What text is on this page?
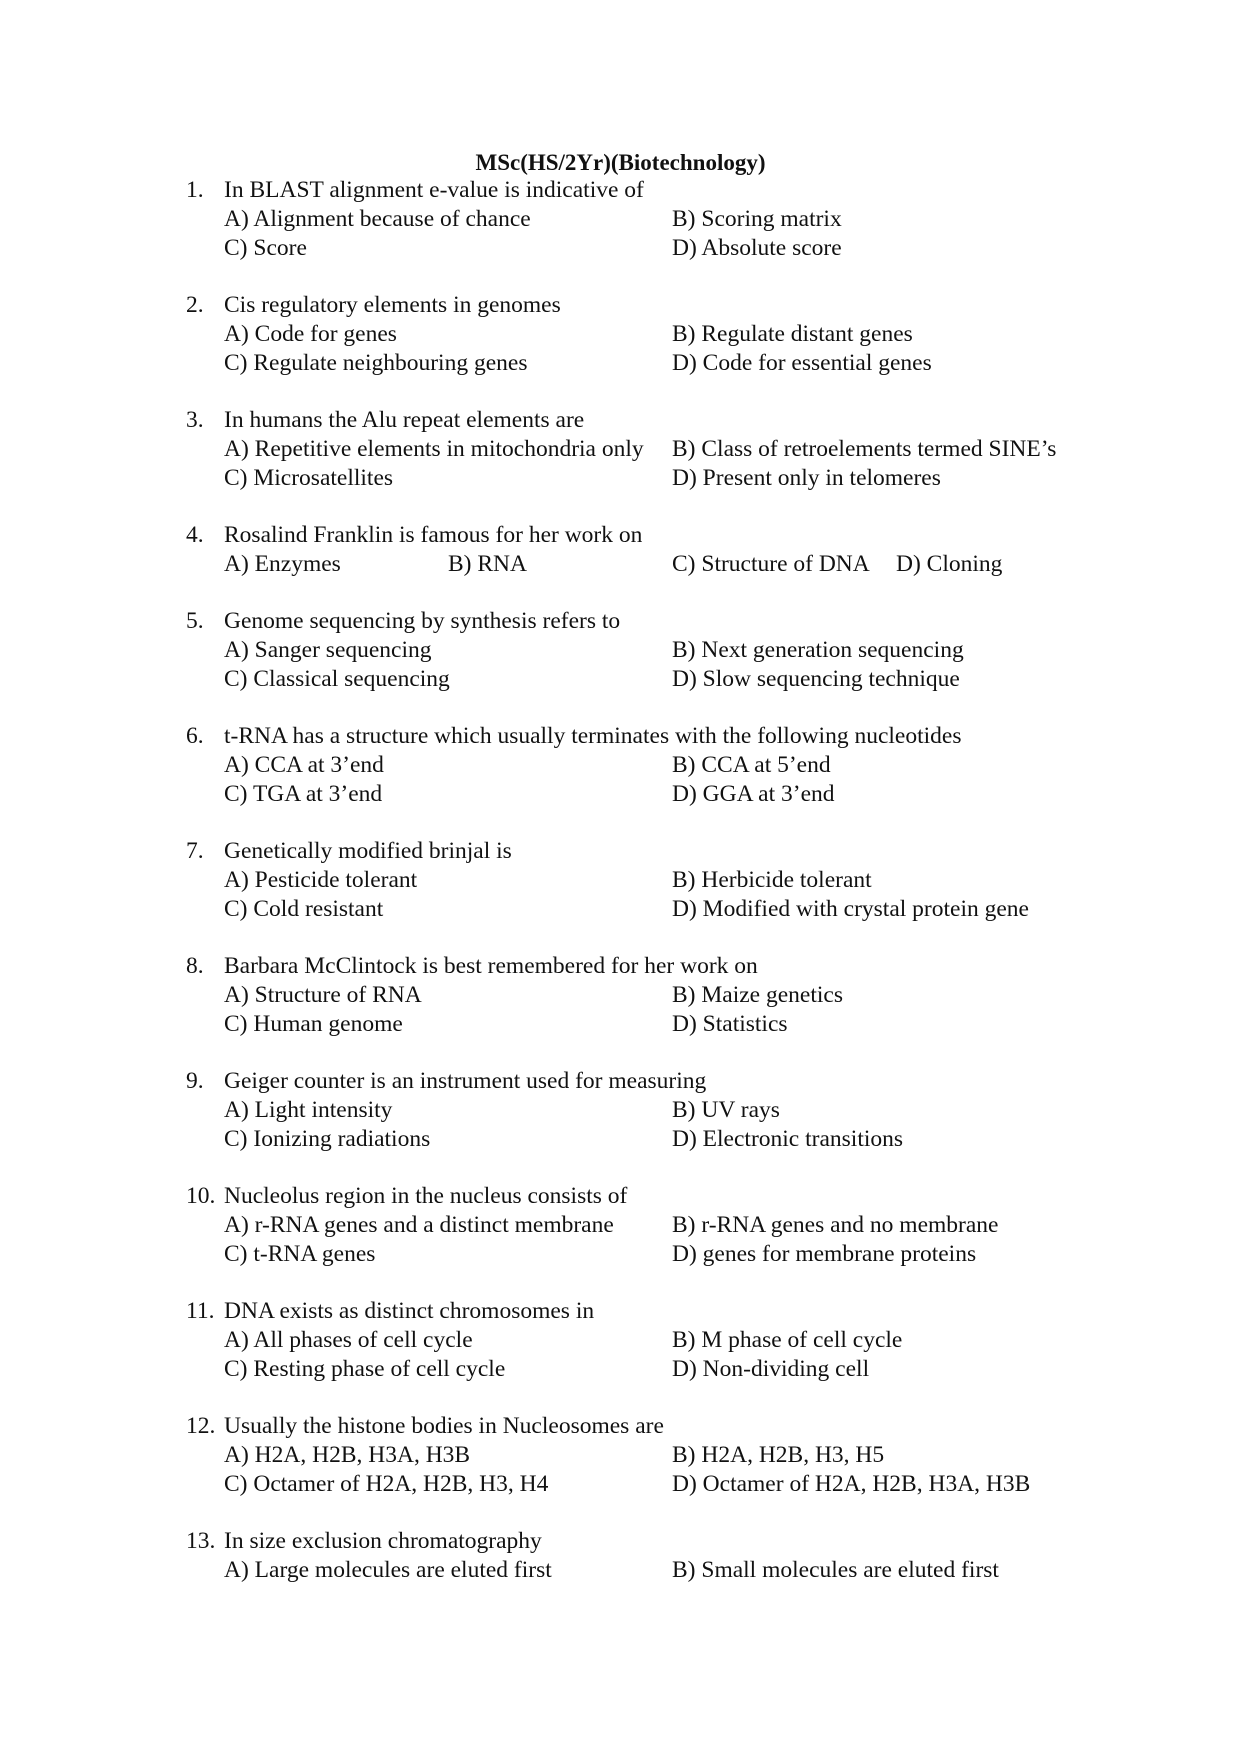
MSc(HS/2Yr)(Biotechnology)
1. In BLAST alignment e-value is indicative of
A) Alignment because of chance	B) Scoring matrix
C) Score	D) Absolute score
2. Cis regulatory elements in genomes
A) Code for genes	B) Regulate distant genes
C) Regulate neighbouring genes	D) Code for essential genes
3. In humans the Alu repeat elements are
A) Repetitive elements in mitochondria only	B) Class of retroelements termed SINE’s
C) Microsatellites	D) Present only in telomeres
4. Rosalind Franklin is famous for her work on
A) Enzymes	B) RNA	C) Structure of DNA	D) Cloning
5. Genome sequencing by synthesis refers to
A) Sanger sequencing	B) Next generation sequencing
C) Classical sequencing	D) Slow sequencing technique
6. t-RNA has a structure which usually terminates with the following nucleotides
A) CCA at 3’end	B) CCA at 5’end
C) TGA at 3’end	D) GGA at 3’end
7. Genetically modified brinjal is
A) Pesticide tolerant	B) Herbicide tolerant
C) Cold resistant	D) Modified with crystal protein gene
8. Barbara McClintock is best remembered for her work on
A) Structure of RNA	B) Maize genetics
C) Human genome	D) Statistics
9. Geiger counter is an instrument used for measuring
A) Light intensity	B) UV rays
C) Ionizing radiations	D) Electronic transitions
10. Nucleolus region in the nucleus consists of
A) r-RNA genes and a distinct membrane	B) r-RNA genes and no membrane
C) t-RNA genes	D) genes for membrane proteins
11. DNA exists as distinct chromosomes in
A) All phases of cell cycle	B) M phase of cell cycle
C) Resting phase of cell cycle	D) Non-dividing cell
12. Usually the histone bodies in Nucleosomes are
A) H2A, H2B, H3A, H3B	B) H2A, H2B, H3, H5
C) Octamer of H2A, H2B, H3, H4	D) Octamer of H2A, H2B, H3A, H3B
13. In size exclusion chromatography
A) Large molecules are eluted first	B) Small molecules are eluted first
